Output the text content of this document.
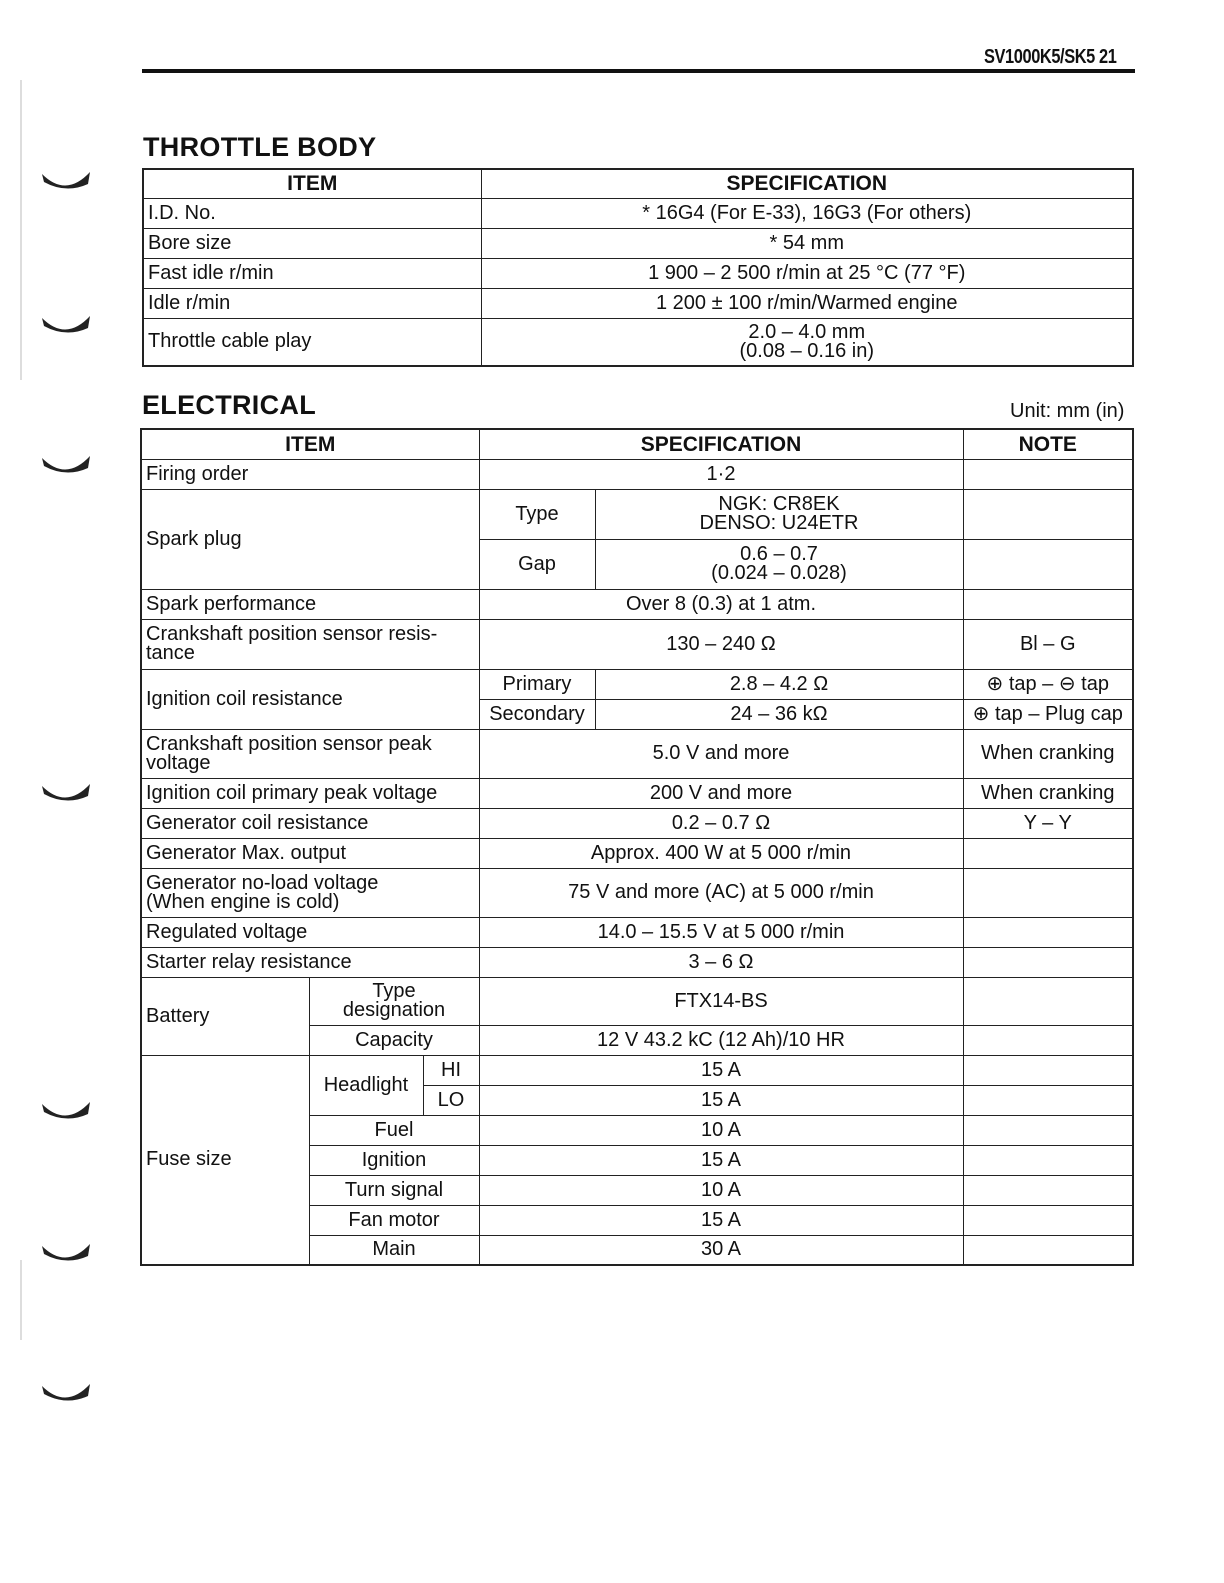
SV1000K5/SK5 21
THROTTLE BODY
ITEM	SPECIFICATION
I.D. No.	* 16G4 (For E-33), 16G3 (For others)
Bore size	* 54 mm
Fast idle r/min	1 900 – 2 500 r/min at 25 °C (77 °F)
Idle r/min	1 200 ± 100 r/min/Warmed engine
Throttle cable play	2.0 – 4.0 mm
(0.08 – 0.16 in)
ELECTRICAL	Unit: mm (in)
ITEM			SPECIFICATION		NOTE
Firing order			1·2		
Spark plug			Type	NGK: CR8EK
DENSO: U24ETR	

			Gap	0.6 – 0.7
(0.024 – 0.028)	

Spark performance			Over 8 (0.3) at 1 atm.		

Crankshaft position sensor resis-
tance			130 – 240 Ω		Bl – G
Ignition coil resistance			Primary	2.8 – 4.2 Ω	⊕ tap – ⊖ tap
			Secondary	24 – 36 kΩ	⊕ tap – Plug cap

Crankshaft position sensor peak
voltage			5.0 V and more		When cranking
Ignition coil primary peak voltage			200 V and more		When cranking
Generator coil resistance			0.2 – 0.7 Ω		Y – Y
Generator Max. output			Approx. 400 W at 5 000 r/min		

Generator no-load voltage
(When engine is cold)			75 V and more (AC) at 5 000 r/min		
Regulated voltage			14.0 – 15.5 V at 5 000 r/min		
Starter relay resistance			3 – 6 Ω		
Battery	Type
designation		FTX14-BS		
	Capacity		12 V 43.2 kC (12 Ah)/10 HR		
Fuse size	Headlight	HI	15 A		
		LO	15 A		
	Fuel		10 A		
	Ignition		15 A		
	Turn signal		10 A		
	Fan motor		15 A		
	Main		30 A		
